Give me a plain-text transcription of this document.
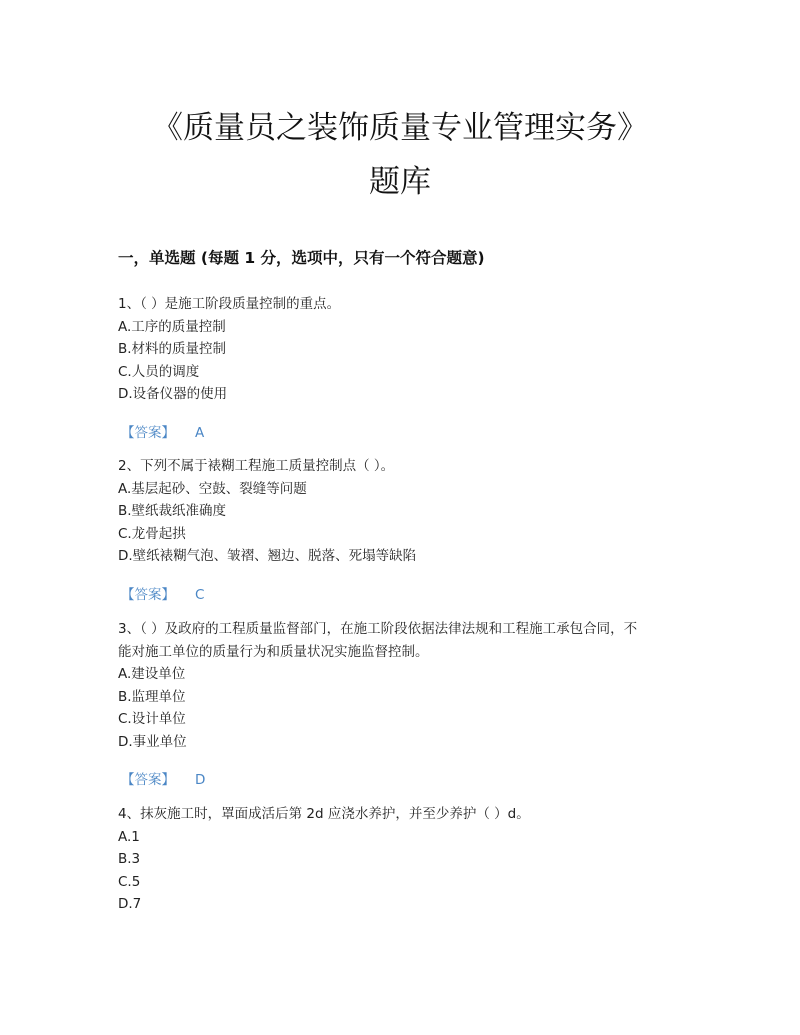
《质量员之装饰质量专业管理实务》
题库
一，单选题 (每题 1 分，选项中，只有一个符合题意)
1、（ ）是施工阶段质量控制的重点。
A.工序的质量控制
B.材料的质量控制
C.人员的调度
D.设备仪器的使用
【答案】 A
2、下列不属于裱糊工程施工质量控制点（ ）。
A.基层起砂、空鼓、裂缝等问题
B.壁纸裁纸准确度
C.龙骨起拱
D.壁纸裱糊气泡、皱褶、翘边、脱落、死塌等缺陷
【答案】 C
3、（ ）及政府的工程质量监督部门，在施工阶段依据法律法规和工程施工承包合同，不
能对施工单位的质量行为和质量状况实施监督控制。
A.建设单位
B.监理单位
C.设计单位
D.事业单位
【答案】 D
4、抹灰施工时，罩面成活后第 2d 应浇水养护，并至少养护（ ）d。
A.1
B.3
C.5
D.7
